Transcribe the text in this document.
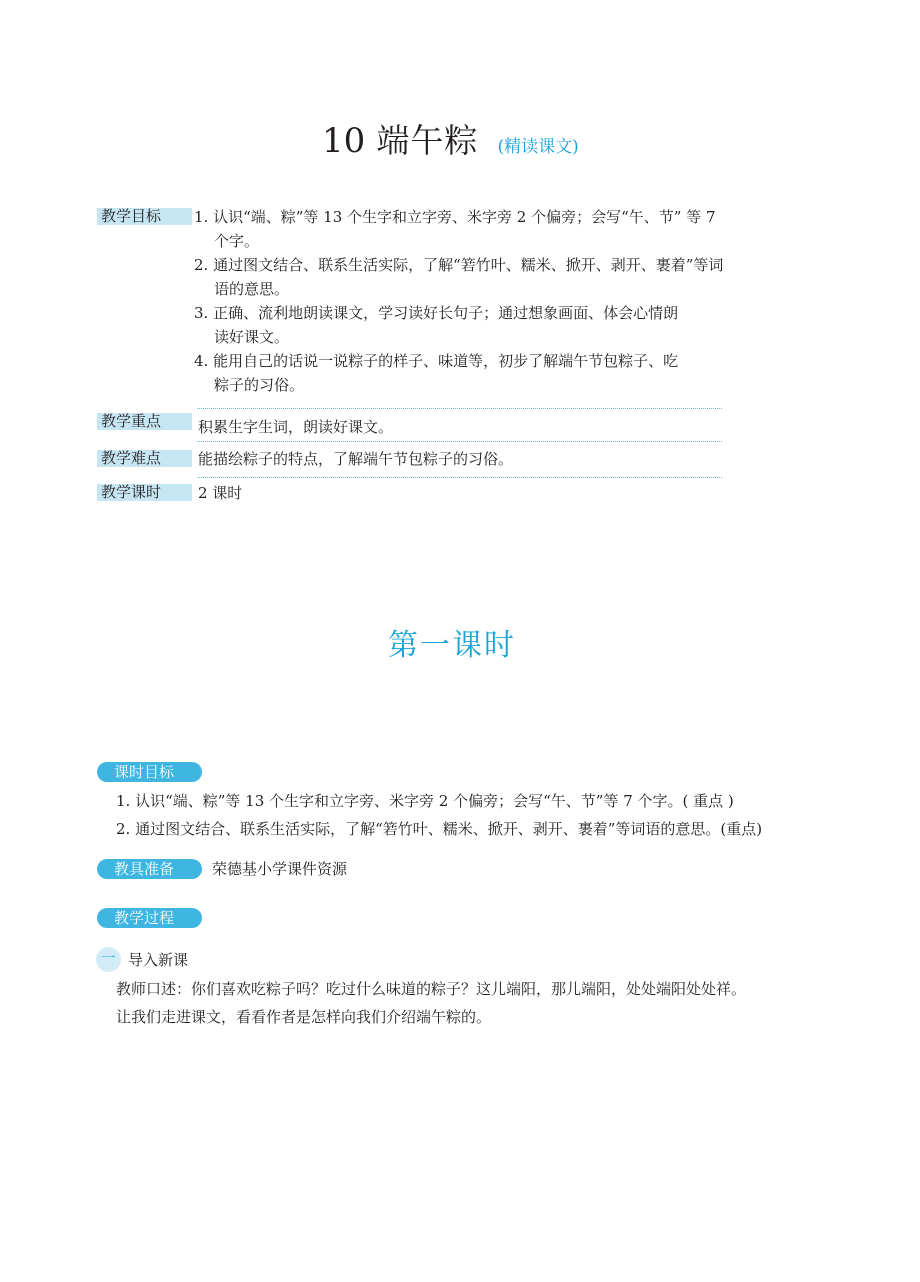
10 端午粽 (精读课文)
教学目标	1. 认识“端、粽”等 13 个生字和立字旁、米字旁 2 个偏旁；会写“午、节” 等 7
个字。
2. 通过图文结合、联系生活实际，了解“箬竹叶、糯米、掀开、剥开、裹着”等词
语的意思。
3. 正确、流利地朗读课文，学习读好长句子；通过想象画面、体会心情朗
读好课文。
4. 能用自己的话说一说粽子的样子、味道等，初步了解端午节包粽子、吃
粽子的习俗。
教学重点	积累生字生词，朗读好课文。
教学难点	能描绘粽子的特点，了解端午节包粽子的习俗。
教学课时	2 课时
第一课时
课时目标
1. 认识“端、粽”等 13 个生字和立字旁、米字旁 2 个偏旁；会写“午、节”等 7 个字。( 重点 )
2. 通过图文结合、联系生活实际，了解“箬竹叶、糯米、掀开、剥开、裹着”等词语的意思。(重点)
教具准备	荣德基小学课件资源
教学过程
一 导入新课
教师口述：你们喜欢吃粽子吗？吃过什么味道的粽子？这儿端阳，那儿端阳，处处端阳处处祥。
让我们走进课文，看看作者是怎样向我们介绍端午粽的。
